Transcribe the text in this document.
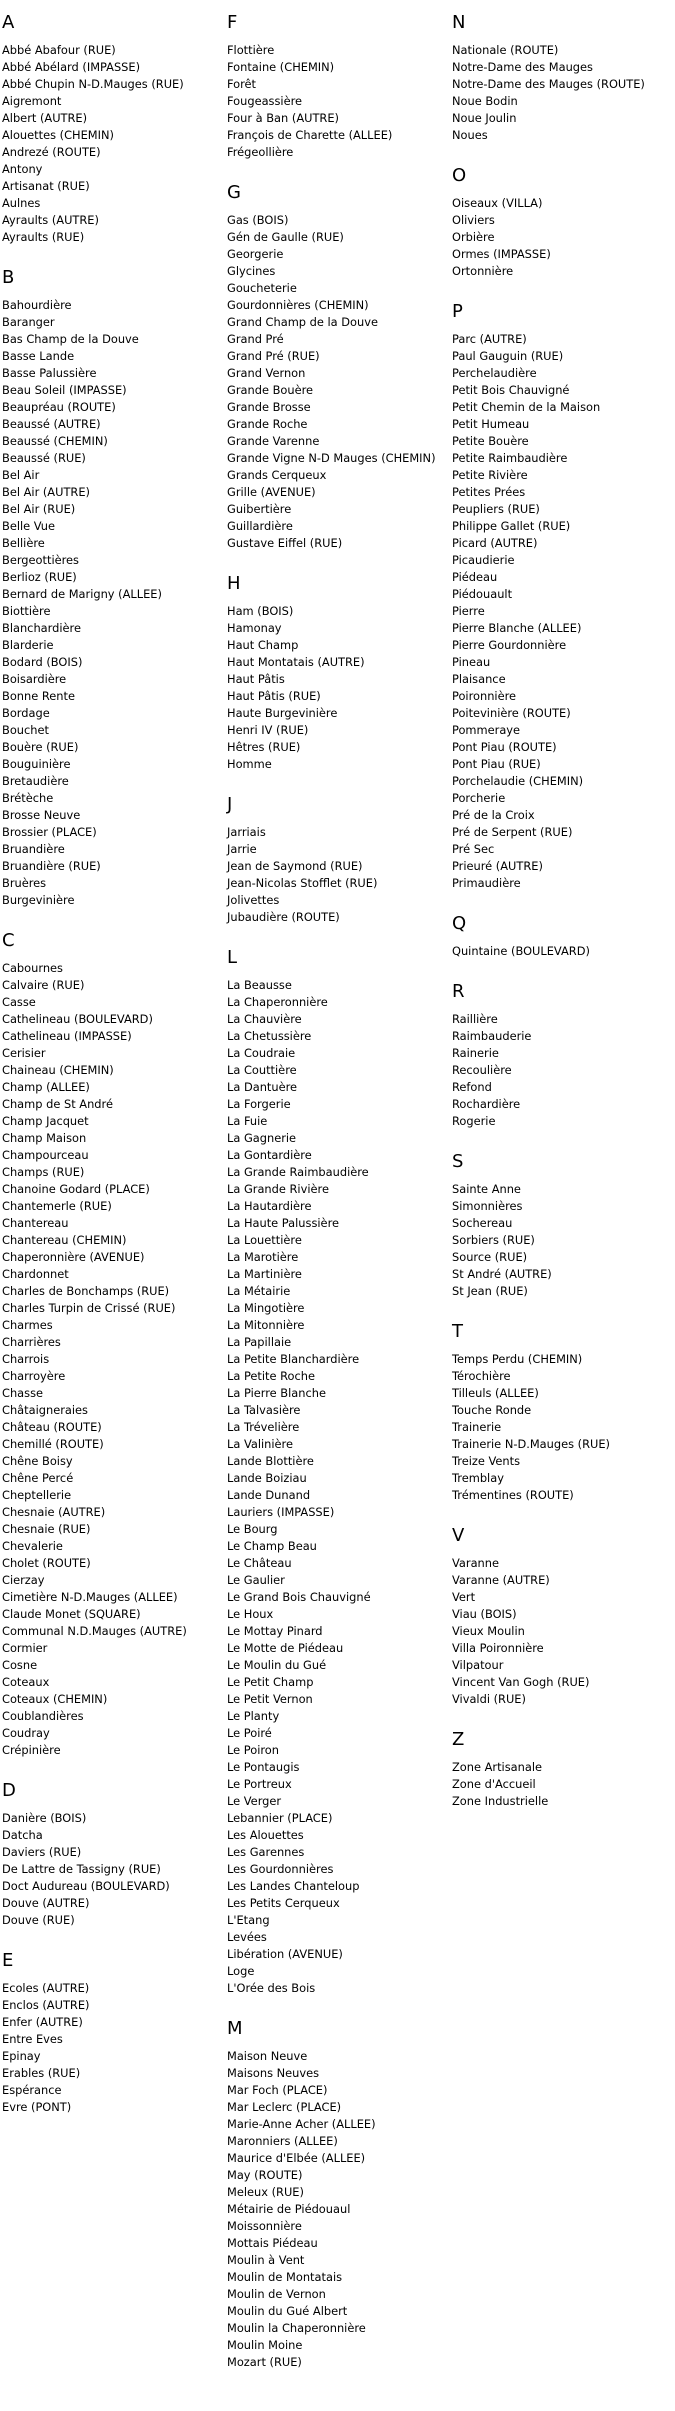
A
Abbé Abafour (RUE)
Abbé Abélard (IMPASSE)
Abbé Chupin N-D.Mauges (RUE)
Aigremont
Albert (AUTRE)
Alouettes (CHEMIN)
Andrezé (ROUTE)
Antony
Artisanat (RUE)
Aulnes
Ayraults (AUTRE)
Ayraults (RUE)
B
Bahourdière
Baranger
Bas Champ de la Douve
Basse Lande
Basse Palussière
Beau Soleil (IMPASSE)
Beaupréau (ROUTE)
Beaussé (AUTRE)
Beaussé (CHEMIN)
Beaussé (RUE)
Bel Air
Bel Air (AUTRE)
Bel Air (RUE)
Belle Vue
Bellière
Bergeottières
Berlioz (RUE)
Bernard de Marigny (ALLEE)
Biottière
Blanchardière
Blarderie
Bodard (BOIS)
Boisardière
Bonne Rente
Bordage
Bouchet
Bouère (RUE)
Bouguinière
Bretaudière
Brétèche
Brosse Neuve
Brossier (PLACE)
Bruandière
Bruandière (RUE)
Bruères
Burgevinière
C
Cabournes
Calvaire (RUE)
Casse
Cathelineau (BOULEVARD)
Cathelineau (IMPASSE)
Cerisier
Chaineau (CHEMIN)
Champ (ALLEE)
Champ de St André
Champ Jacquet
Champ Maison
Champourceau
Champs (RUE)
Chanoine Godard (PLACE)
Chantemerle (RUE)
Chantereau
Chantereau (CHEMIN)
Chaperonnière (AVENUE)
Chardonnet
Charles de Bonchamps (RUE)
Charles Turpin de Crissé (RUE)
Charmes
Charrières
Charrois
Charroyère
Chasse
Châtaigneraies
Château (ROUTE)
Chemillé (ROUTE)
Chêne Boisy
Chêne Percé
Cheptellerie
Chesnaie (AUTRE)
Chesnaie (RUE)
Chevalerie
Cholet (ROUTE)
Cierzay
Cimetière N-D.Mauges (ALLEE)
Claude Monet (SQUARE)
Communal N.D.Mauges (AUTRE)
Cormier
Cosne
Coteaux
Coteaux (CHEMIN)
Coublandières
Coudray
Crépinière
D
Danière (BOIS)
Datcha
Daviers (RUE)
De Lattre de Tassigny (RUE)
Doct Audureau (BOULEVARD)
Douve (AUTRE)
Douve (RUE)
E
Ecoles (AUTRE)
Enclos (AUTRE)
Enfer (AUTRE)
Entre Eves
Epinay
Erables (RUE)
Espérance
Evre (PONT)
F
Flottière
Fontaine (CHEMIN)
Forêt
Fougeassière
Four à Ban (AUTRE)
François de Charette (ALLEE)
Frégeollière
G
Gas (BOIS)
Gén de Gaulle (RUE)
Georgerie
Glycines
Goucheterie
Gourdonnières (CHEMIN)
Grand Champ de la Douve
Grand Pré
Grand Pré (RUE)
Grand Vernon
Grande Bouère
Grande Brosse
Grande Roche
Grande Varenne
Grande Vigne N-D Mauges (CHEMIN)
Grands Cerqueux
Grille (AVENUE)
Guibertière
Guillardière
Gustave Eiffel (RUE)
H
Ham (BOIS)
Hamonay
Haut Champ
Haut Montatais (AUTRE)
Haut Pâtis
Haut Pâtis (RUE)
Haute Burgevinière
Henri IV (RUE)
Hêtres (RUE)
Homme
J
Jarriais
Jarrie
Jean de Saymond (RUE)
Jean-Nicolas Stofflet (RUE)
Jolivettes
Jubaudière (ROUTE)
L
La Beausse
La Chaperonnière
La Chauvière
La Chetussière
La Coudraie
La Couttière
La Dantuère
La Forgerie
La Fuie
La Gagnerie
La Gontardière
La Grande Raimbaudière
La Grande Rivière
La Hautardière
La Haute Palussière
La Louettière
La Marotière
La Martinière
La Métairie
La Mingotière
La Mitonnière
La Papillaie
La Petite Blanchardière
La Petite Roche
La Pierre Blanche
La Talvasière
La Trévelière
La Valinière
Lande Blottière
Lande Boiziau
Lande Dunand
Lauriers (IMPASSE)
Le Bourg
Le Champ Beau
Le Château
Le Gaulier
Le Grand Bois Chauvigné
Le Houx
Le Mottay Pinard
Le Motte de Piédeau
Le Moulin du Gué
Le Petit Champ
Le Petit Vernon
Le Planty
Le Poiré
Le Poiron
Le Pontaugis
Le Portreux
Le Verger
Lebannier (PLACE)
Les Alouettes
Les Garennes
Les Gourdonnières
Les Landes Chanteloup
Les Petits Cerqueux
L'Etang
Levées
Libération (AVENUE)
Loge
L'Orée des Bois
M
Maison Neuve
Maisons Neuves
Mar Foch (PLACE)
Mar Leclerc (PLACE)
Marie-Anne Acher (ALLEE)
Maronniers (ALLEE)
Maurice d'Elbée (ALLEE)
May (ROUTE)
Meleux (RUE)
Métairie de Piédouaul
Moissonnière
Mottais Piédeau
Moulin à Vent
Moulin de Montatais
Moulin de Vernon
Moulin du Gué Albert
Moulin la Chaperonnière
Moulin Moine
Mozart (RUE)
N
Nationale (ROUTE)
Notre-Dame des Mauges
Notre-Dame des Mauges (ROUTE)
Noue Bodin
Noue Joulin
Noues
O
Oiseaux (VILLA)
Oliviers
Orbière
Ormes (IMPASSE)
Ortonnière
P
Parc (AUTRE)
Paul Gauguin (RUE)
Perchelaudière
Petit Bois Chauvigné
Petit Chemin de la Maison
Petit Humeau
Petite Bouère
Petite Raimbaudière
Petite Rivière
Petites Prées
Peupliers (RUE)
Philippe Gallet (RUE)
Picard (AUTRE)
Picaudierie
Piédeau
Piédouault
Pierre
Pierre Blanche (ALLEE)
Pierre Gourdonnière
Pineau
Plaisance
Poironnière
Poitevinière (ROUTE)
Pommeraye
Pont Piau (ROUTE)
Pont Piau (RUE)
Porchelaudie (CHEMIN)
Porcherie
Pré de la Croix
Pré de Serpent (RUE)
Pré Sec
Prieuré (AUTRE)
Primaudière
Q
Quintaine (BOULEVARD)
R
Raillière
Raimbauderie
Rainerie
Recoulière
Refond
Rochardière
Rogerie
S
Sainte Anne
Simonnières
Sochereau
Sorbiers (RUE)
Source (RUE)
St André (AUTRE)
St Jean (RUE)
T
Temps Perdu (CHEMIN)
Térochière
Tilleuls (ALLEE)
Touche Ronde
Trainerie
Trainerie N-D.Mauges (RUE)
Treize Vents
Tremblay
Trémentines (ROUTE)
V
Varanne
Varanne (AUTRE)
Vert
Viau (BOIS)
Vieux Moulin
Villa Poironnière
Vilpatour
Vincent Van Gogh (RUE)
Vivaldi (RUE)
Z
Zone Artisanale
Zone d'Accueil
Zone Industrielle
